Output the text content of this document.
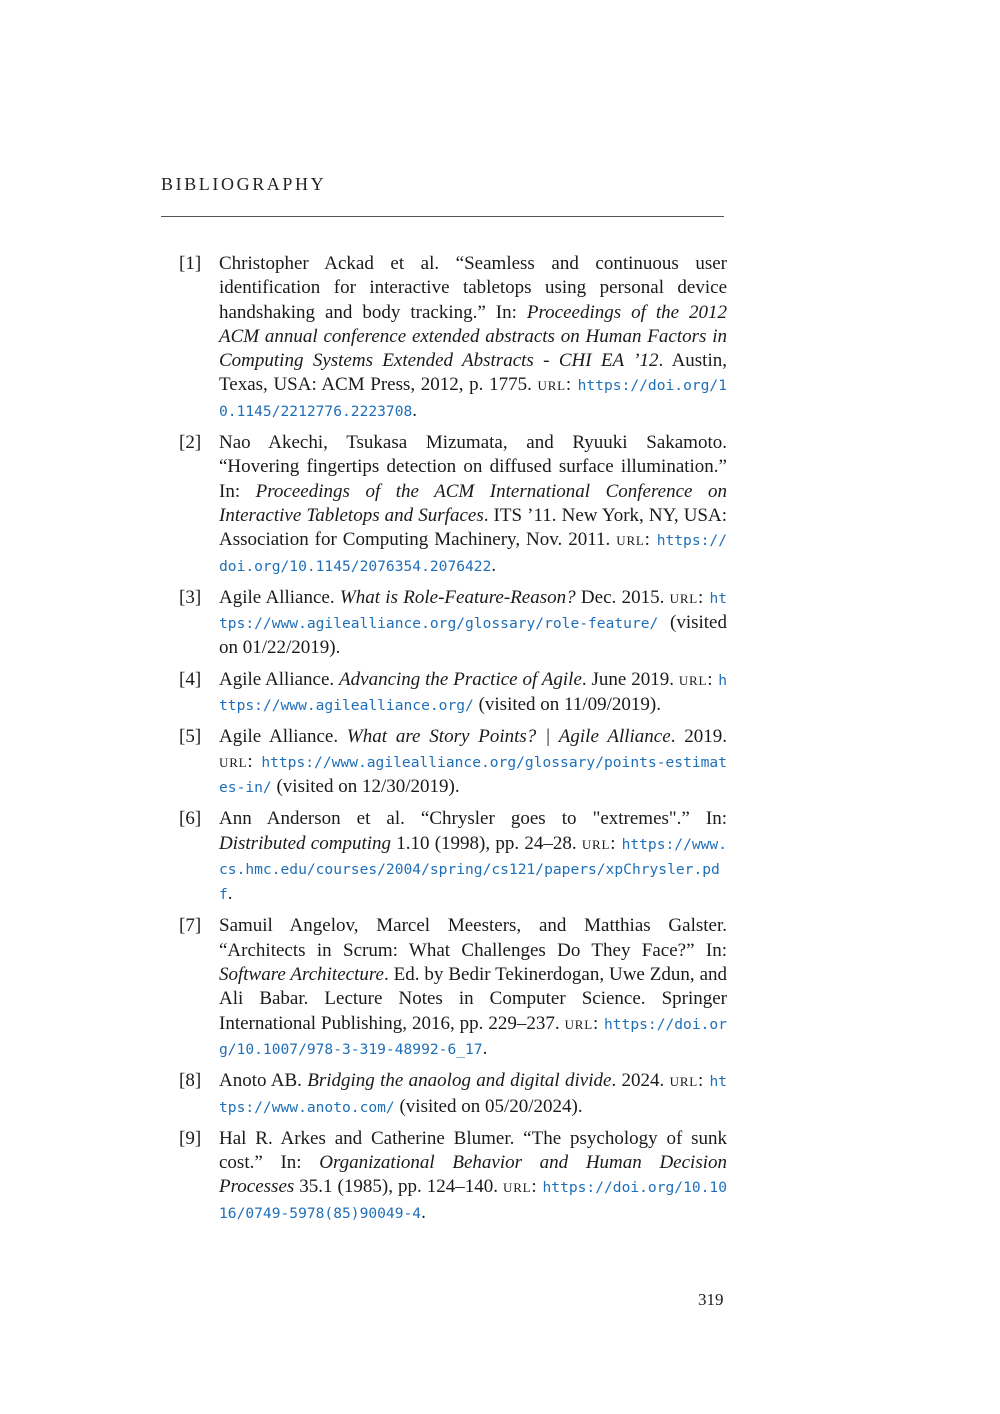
BIBLIOGRAPHY
[1] Christopher Ackad et al. “Seamless and continuous user identification for interactive tabletops using personal device handshaking and body tracking.” In: Proceedings of the 2012 ACM annual conference extended abstracts on Human Factors in Computing Systems Extended Abstracts - CHI EA ’12. Austin, Texas, USA: ACM Press, 2012, p. 1775. url: https://doi.org/10.1145/2212776.2223708.
[2] Nao Akechi, Tsukasa Mizumata, and Ryuuki Sakamoto. “Hovering fingertips detection on diffused surface illumination.” In: Proceedings of the ACM International Conference on Interactive Tabletops and Surfaces. ITS ’11. New York, NY, USA: Association for Computing Machinery, Nov. 2011. url: https://doi.org/10.1145/2076354.2076422.
[3] Agile Alliance. What is Role-Feature-Reason? Dec. 2015. url: https://www.agilealliance.org/glossary/role-feature/ (visited on 01/22/2019).
[4] Agile Alliance. Advancing the Practice of Agile. June 2019. url: https://www.agilealliance.org/ (visited on 11/09/2019).
[5] Agile Alliance. What are Story Points? | Agile Alliance. 2019. url: https://www.agilealliance.org/glossary/points-estimates-in/ (visited on 12/30/2019).
[6] Ann Anderson et al. “Chrysler goes to "extremes".” In: Distributed computing 1.10 (1998), pp. 24–28. url: https://www.cs.hmc.edu/courses/2004/spring/cs121/papers/xpChrysler.pdf.
[7] Samuil Angelov, Marcel Meesters, and Matthias Galster. “Architects in Scrum: What Challenges Do They Face?” In: Software Architecture. Ed. by Bedir Tekinerdogan, Uwe Zdun, and Ali Babar. Lecture Notes in Computer Science. Springer International Publishing, 2016, pp. 229–237. url: https://doi.org/10.1007/978-3-319-48992-6_17.
[8] Anoto AB. Bridging the anaolog and digital divide. 2024. url: https://www.anoto.com/ (visited on 05/20/2024).
[9] Hal R. Arkes and Catherine Blumer. “The psychology of sunk cost.” In: Organizational Behavior and Human Decision Processes 35.1 (1985), pp. 124–140. url: https://doi.org/10.1016/0749-5978(85)90049-4.
319
